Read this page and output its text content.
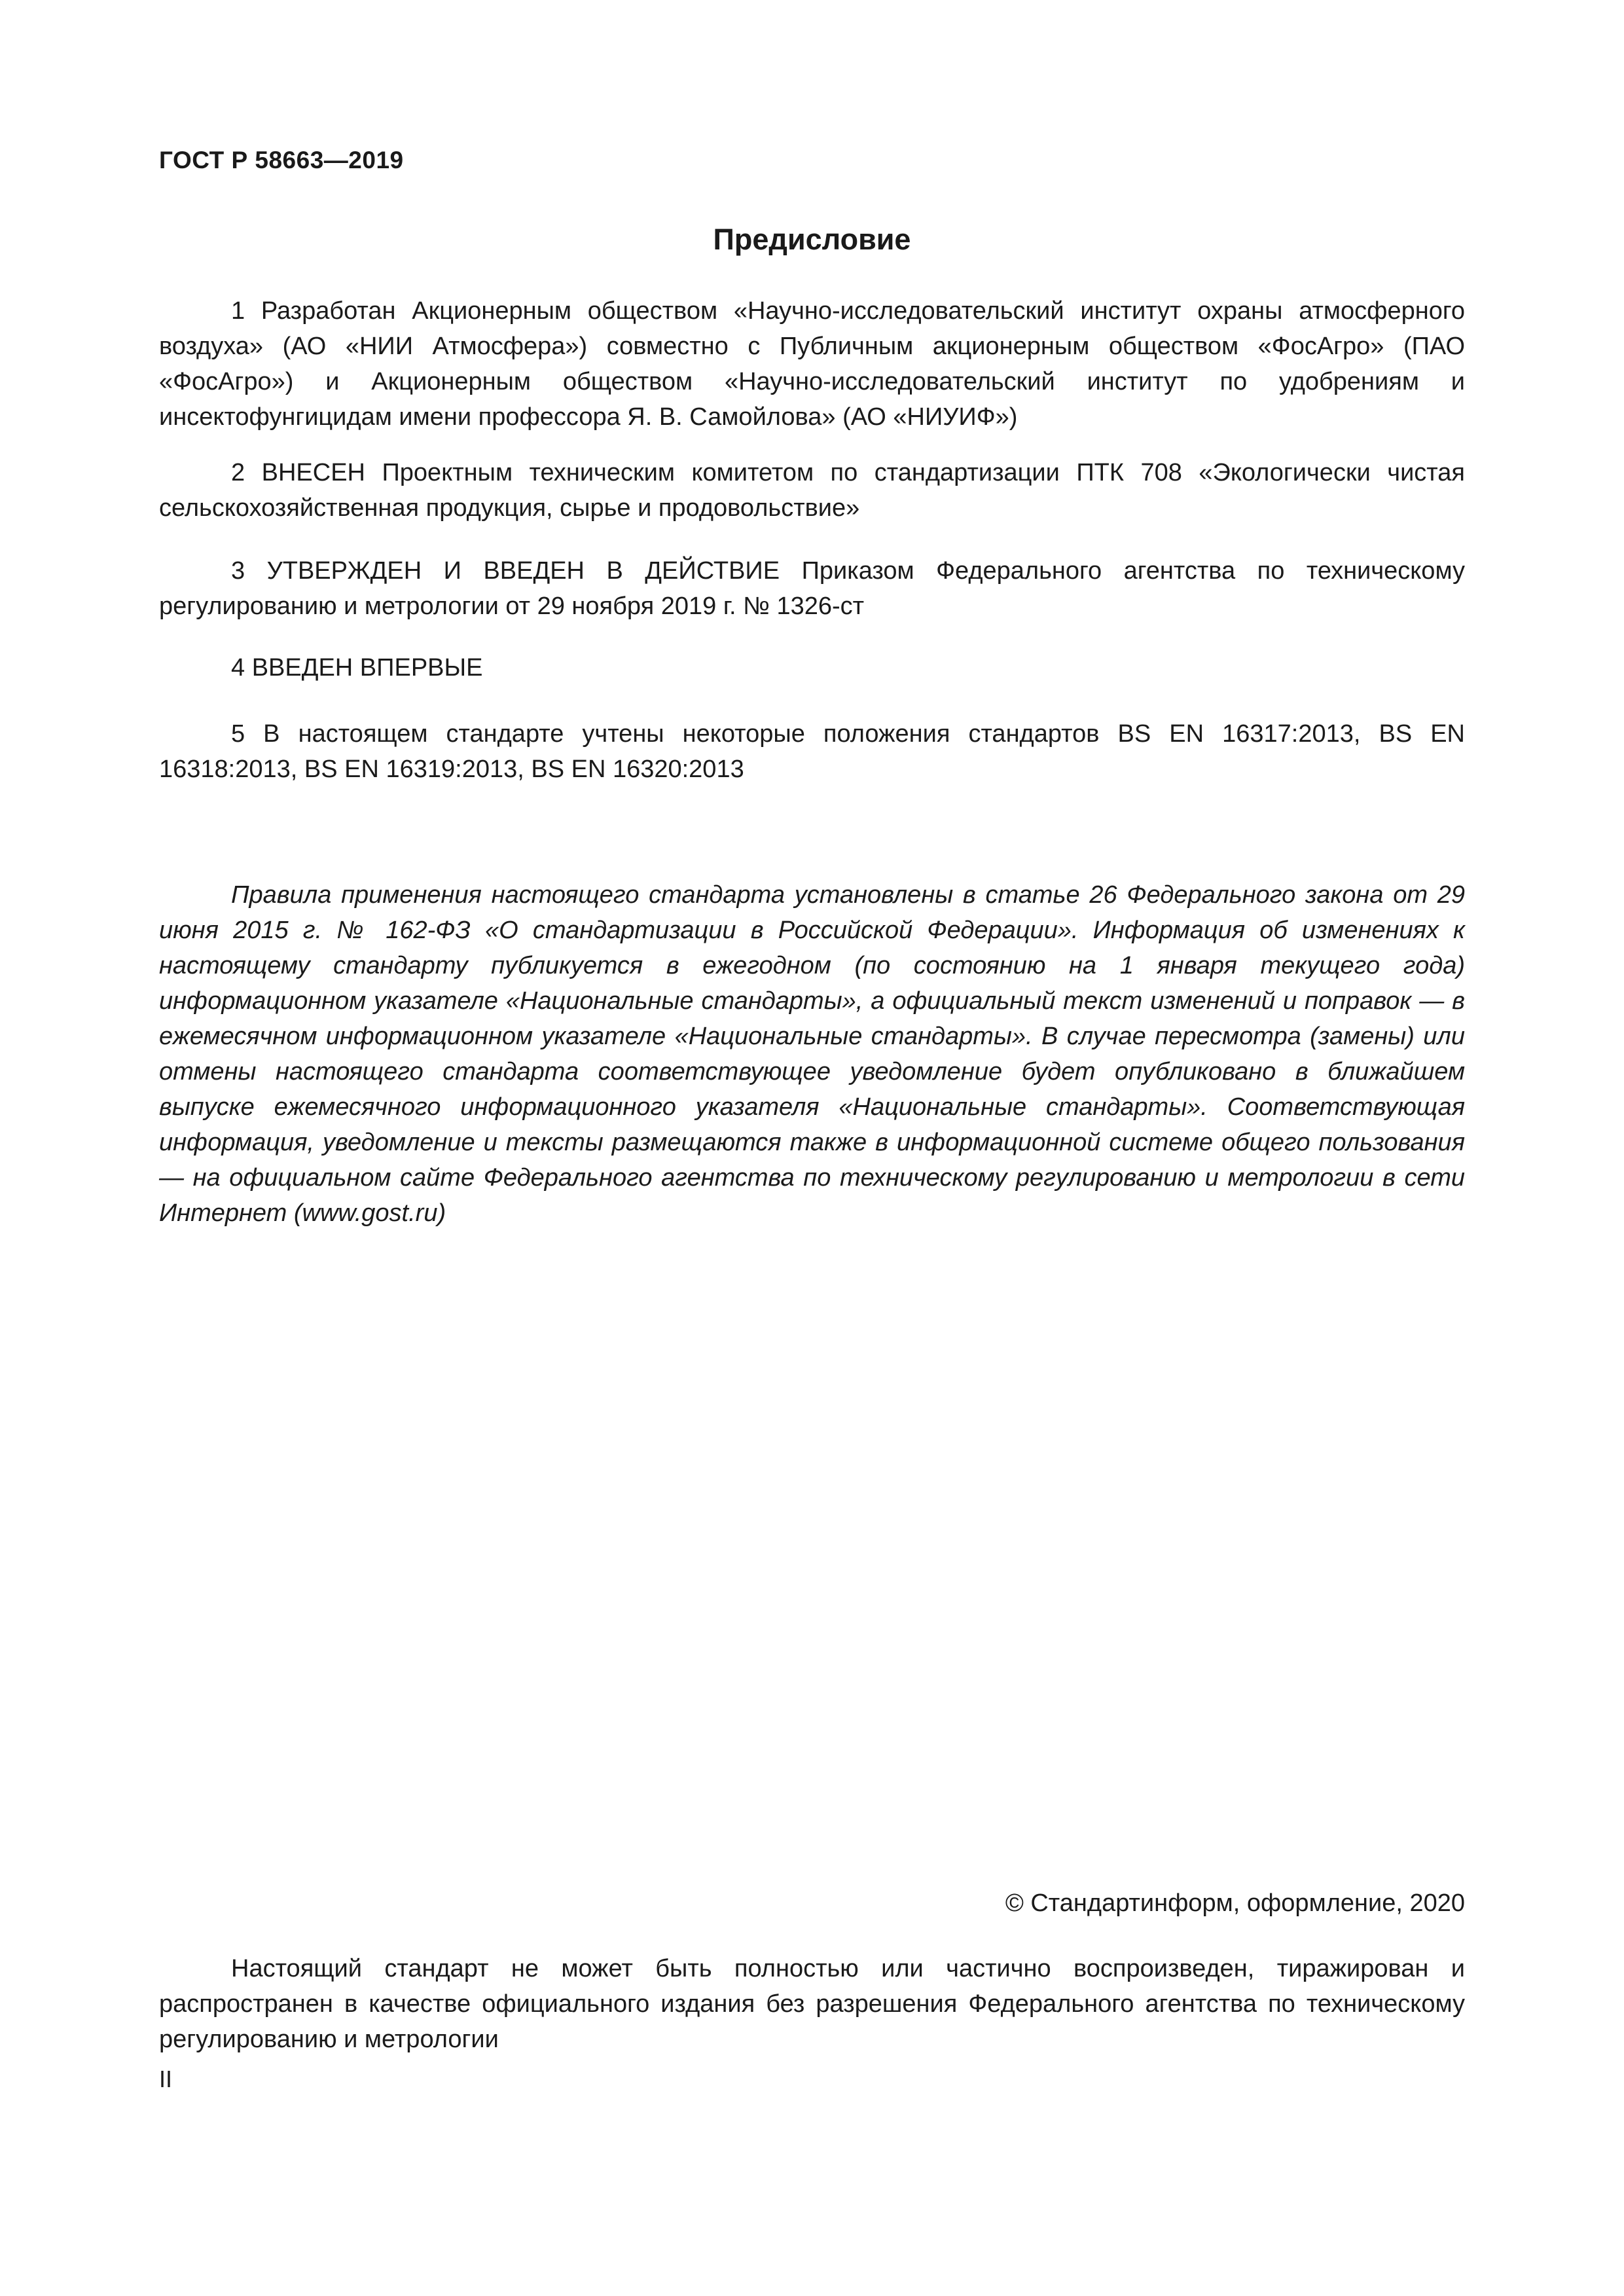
ГОСТ Р 58663—2019
Предисловие

1 Разработан Акционерным обществом «Научно-исследовательский институт охраны атмосферного воздуха» (АО «НИИ Атмосфера») совместно с Публичным акционерным обществом «ФосАгро» (ПАО «ФосАгро») и Акционерным обществом «Научно-исследовательский институт по удобрениям и инсектофунгицидам имени профессора Я. В. Самойлова» (АО «НИУИФ»)

2 ВНЕСЕН Проектным техническим комитетом по стандартизации ПТК 708 «Экологически чистая сельскохозяйственная продукция, сырье и продовольствие»

3 УТВЕРЖДЕН И ВВЕДЕН В ДЕЙСТВИЕ Приказом Федерального агентства по техническому регулированию и метрологии от 29 ноября 2019 г. № 1326-ст

4 ВВЕДЕН ВПЕРВЫЕ

5 В настоящем стандарте учтены некоторые положения стандартов BS EN 16317:2013, BS EN 16318:2013, BS EN 16319:2013, BS EN 16320:2013

Правила применения настоящего стандарта установлены в статье 26 Федерального закона от 29 июня 2015 г. № 162-ФЗ «О стандартизации в Российской Федерации». Информация об изменениях к настоящему стандарту публикуется в ежегодном (по состоянию на 1 января текущего года) информационном указателе «Национальные стандарты», а официальный текст изменений и поправок — в ежемесячном информационном указателе «Национальные стандарты». В случае пересмотра (замены) или отмены настоящего стандарта соответствующее уведомление будет опубликовано в ближайшем выпуске ежемесячного информационного указателя «Национальные стандарты». Соответствующая информация, уведомление и тексты размещаются также в информационной системе общего пользования — на официальном сайте Федерального агентства по техническому регулированию и метрологии в сети Интернет (www.gost.ru)

© Стандартинформ, оформление, 2020

Настоящий стандарт не может быть полностью или частично воспроизведен, тиражирован и распространен в качестве официального издания без разрешения Федерального агентства по техническому регулированию и метрологии

II
